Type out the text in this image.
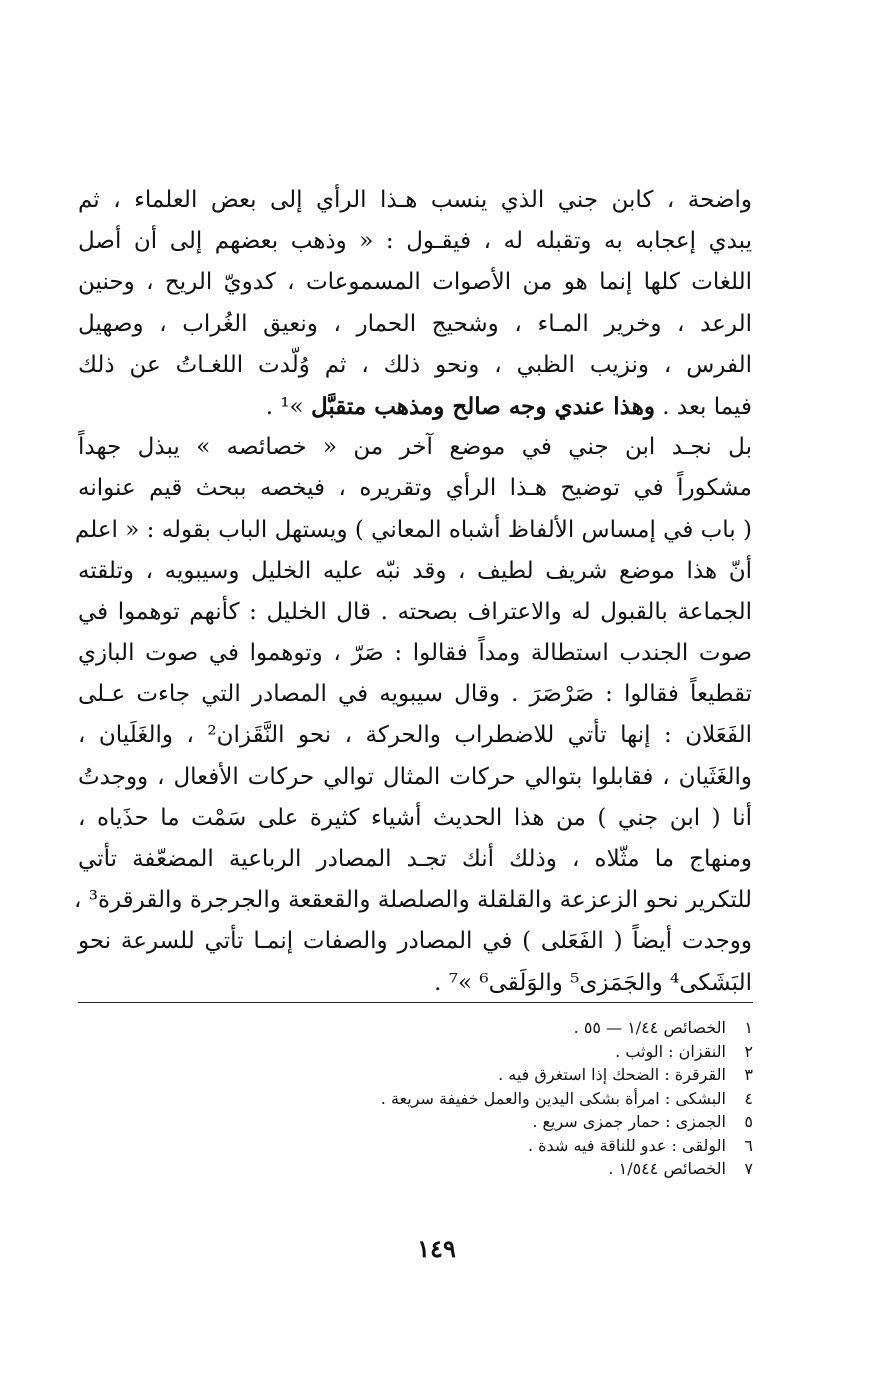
واضحة ، كابن جني الذي ينسب هـذا الرأي إلى بعض العلماء ، ثم
يبدي إعجابه به وتقبله له ، فيقـول : « وذهب بعضهم إلى أن أصل
اللغات كلها إنما هو من الأصوات المسموعات ، كدويّ الريح ، وحنين
الرعد ، وخرير المـاء ، وشحيج الحمار ، ونعيق الغُراب ، وصهيل
الفرس ، ونزيب الظبي ، ونحو ذلك ، ثم وُلّدت اللغـاتُ عن ذلك
فيما بعد . وهذا عندي وجه صالح ومذهب متقبَّل »¹ .
بل نجـد ابن جني في موضع آخر من « خصائصه » يبذل جهداً
مشكوراً في توضيح هـذا الرأي وتقريره ، فيخصه ببحث قيم عنوانه
( باب في إمساس الألفاظ أشباه المعاني ) ويستهل الباب بقوله : « اعلم
أنّ هذا موضع شريف لطيف ، وقد نبّه عليه الخليل وسيبويه ، وتلقته
الجماعة بالقبول له والاعتراف بصحته . قال الخليل : كأنهم توهموا في
صوت الجندب استطالة ومداً فقالوا : صَرّ ، وتوهموا في صوت البازي
تقطيعاً فقالوا : صَرْصَرَ . وقال سيبويه في المصادر التي جاءت عـلى
الفَعَلان : إنها تأتي للاضطراب والحركة ، نحو النَّقَزان² ، والغَلَيان ،
والغَثَيان ، فقابلوا بتوالي حركات المثال توالي حركات الأفعال ، ووجدتُ
أنا ( ابن جني ) من هذا الحديث أشياء كثيرة على سَمْت ما حذَياه ،
ومنهاج ما مثّلاه ، وذلك أنك تجـد المصادر الرباعية المضعّفة تأتي
للتكرير نحو الزعزعة والقلقلة والصلصلة والقعقعة والجرجرة والقرقرة³ ،
ووجدت أيضاً ( الفَعَلى ) في المصادر والصفات إنمـا تأتي للسرعة نحو
البَشَكى⁴ والجَمَزى⁵ والوَلَقى⁶ »⁷ .
١ الخصائص ١/٤٤ — ٥٥ .
٢ النقزان : الوثب .
٣ القرقرة : الضحك إذا استغرق فيه .
٤ البشكى : امرأة بشكى اليدين والعمل خفيفة سريعة .
٥ الجمزى : حمار جمزى سريع .
٦ الولقى : عدو للناقة فيه شدة .
٧ الخصائص ١/٥٤٤ .
١٤٩
